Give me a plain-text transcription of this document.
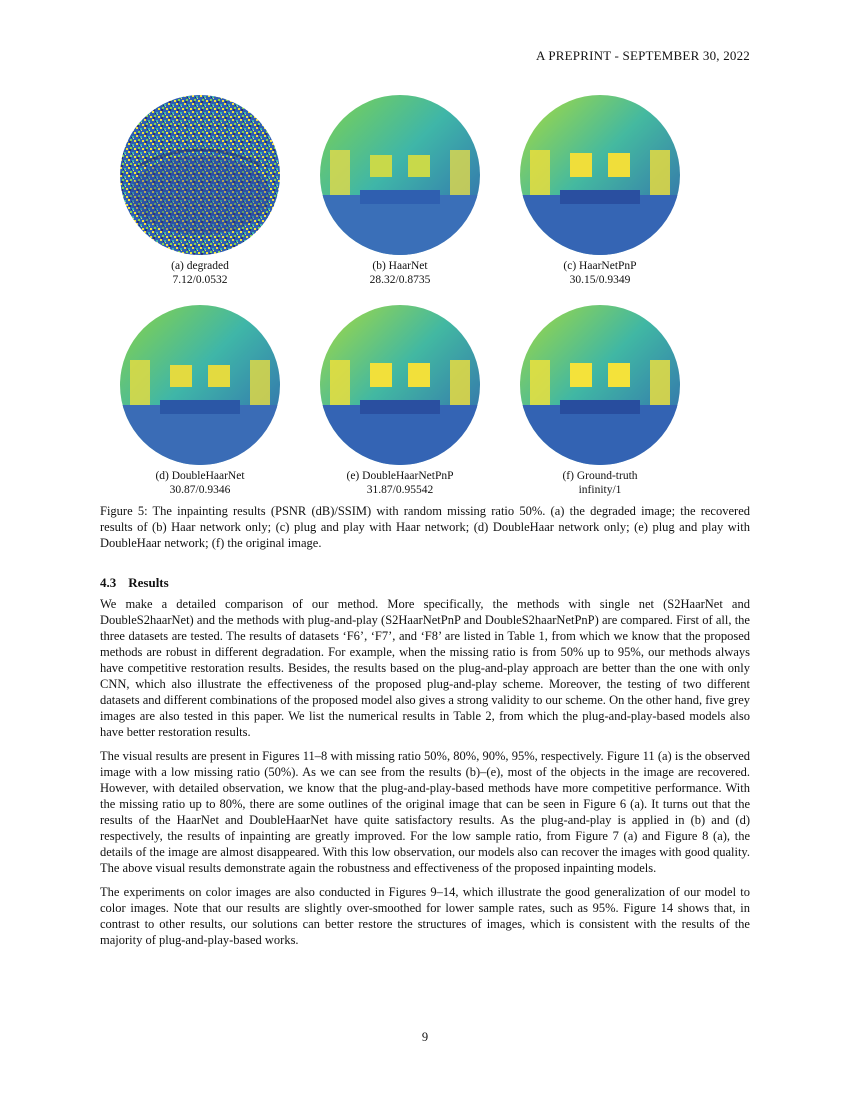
A PREPRINT - SEPTEMBER 30, 2022
(a) degraded
7.12/0.0532
(b) HaarNet
28.32/0.8735
(c) HaarNetPnP
30.15/0.9349
(d) DoubleHaarNet
30.87/0.9346
(e) DoubleHaarNetPnP
31.87/0.95542
(f) Ground-truth
infinity/1
Figure 5: The inpainting results (PSNR (dB)/SSIM) with random missing ratio 50%. (a) the degraded image; the recovered results of (b) Haar network only; (c) plug and play with Haar network; (d) DoubleHaar network only; (e) plug and play with DoubleHaar network; (f) the original image.
4.3 Results

We make a detailed comparison of our method. More specifically, the methods with single net (S2HaarNet and DoubleS2haarNet) and the methods with plug-and-play (S2HaarNetPnP and DoubleS2haarNetPnP) are compared. First of all, the three datasets are tested. The results of datasets ‘F6’, ‘F7’, and ‘F8’ are listed in Table 1, from which we know that the proposed methods are robust in different degradation. For example, when the missing ratio is from 50% up to 95%, our methods always have competitive restoration results. Besides, the results based on the plug-and-play approach are better than the one with only CNN, which also illustrate the effectiveness of the proposed plug-and-play scheme. Moreover, the testing of two different datasets and different combinations of the proposed model also gives a strong validity to our scheme. On the other hand, five grey images are also tested in this paper. We list the numerical results in Table 2, from which the plug-and-play-based models also have better restoration results.

The visual results are present in Figures 11–8 with missing ratio 50%, 80%, 90%, 95%, respectively. Figure 11 (a) is the observed image with a low missing ratio (50%). As we can see from the results (b)–(e), most of the objects in the image are recovered. However, with detailed observation, we know that the plug-and-play-based methods have more competitive performance. With the missing ratio up to 80%, there are some outlines of the original image that can be seen in Figure 6 (a). It turns out that the results of the HaarNet and DoubleHaarNet have quite satisfactory results. As the plug-and-play is applied in (b) and (d) respectively, the results of inpainting are greatly improved. For the low sample ratio, from Figure 7 (a) and Figure 8 (a), the details of the image are almost disappeared. With this low observation, our models also can recover the images with good quality. The above visual results demonstrate again the robustness and effectiveness of the proposed inpainting models.

The experiments on color images are also conducted in Figures 9–14, which illustrate the good generalization of our model to color images. Note that our results are slightly over-smoothed for lower sample rates, such as 95%. Figure 14 shows that, in contrast to other results, our solutions can better restore the structures of images, which is consistent with the results of the majority of plug-and-play-based works.

9
